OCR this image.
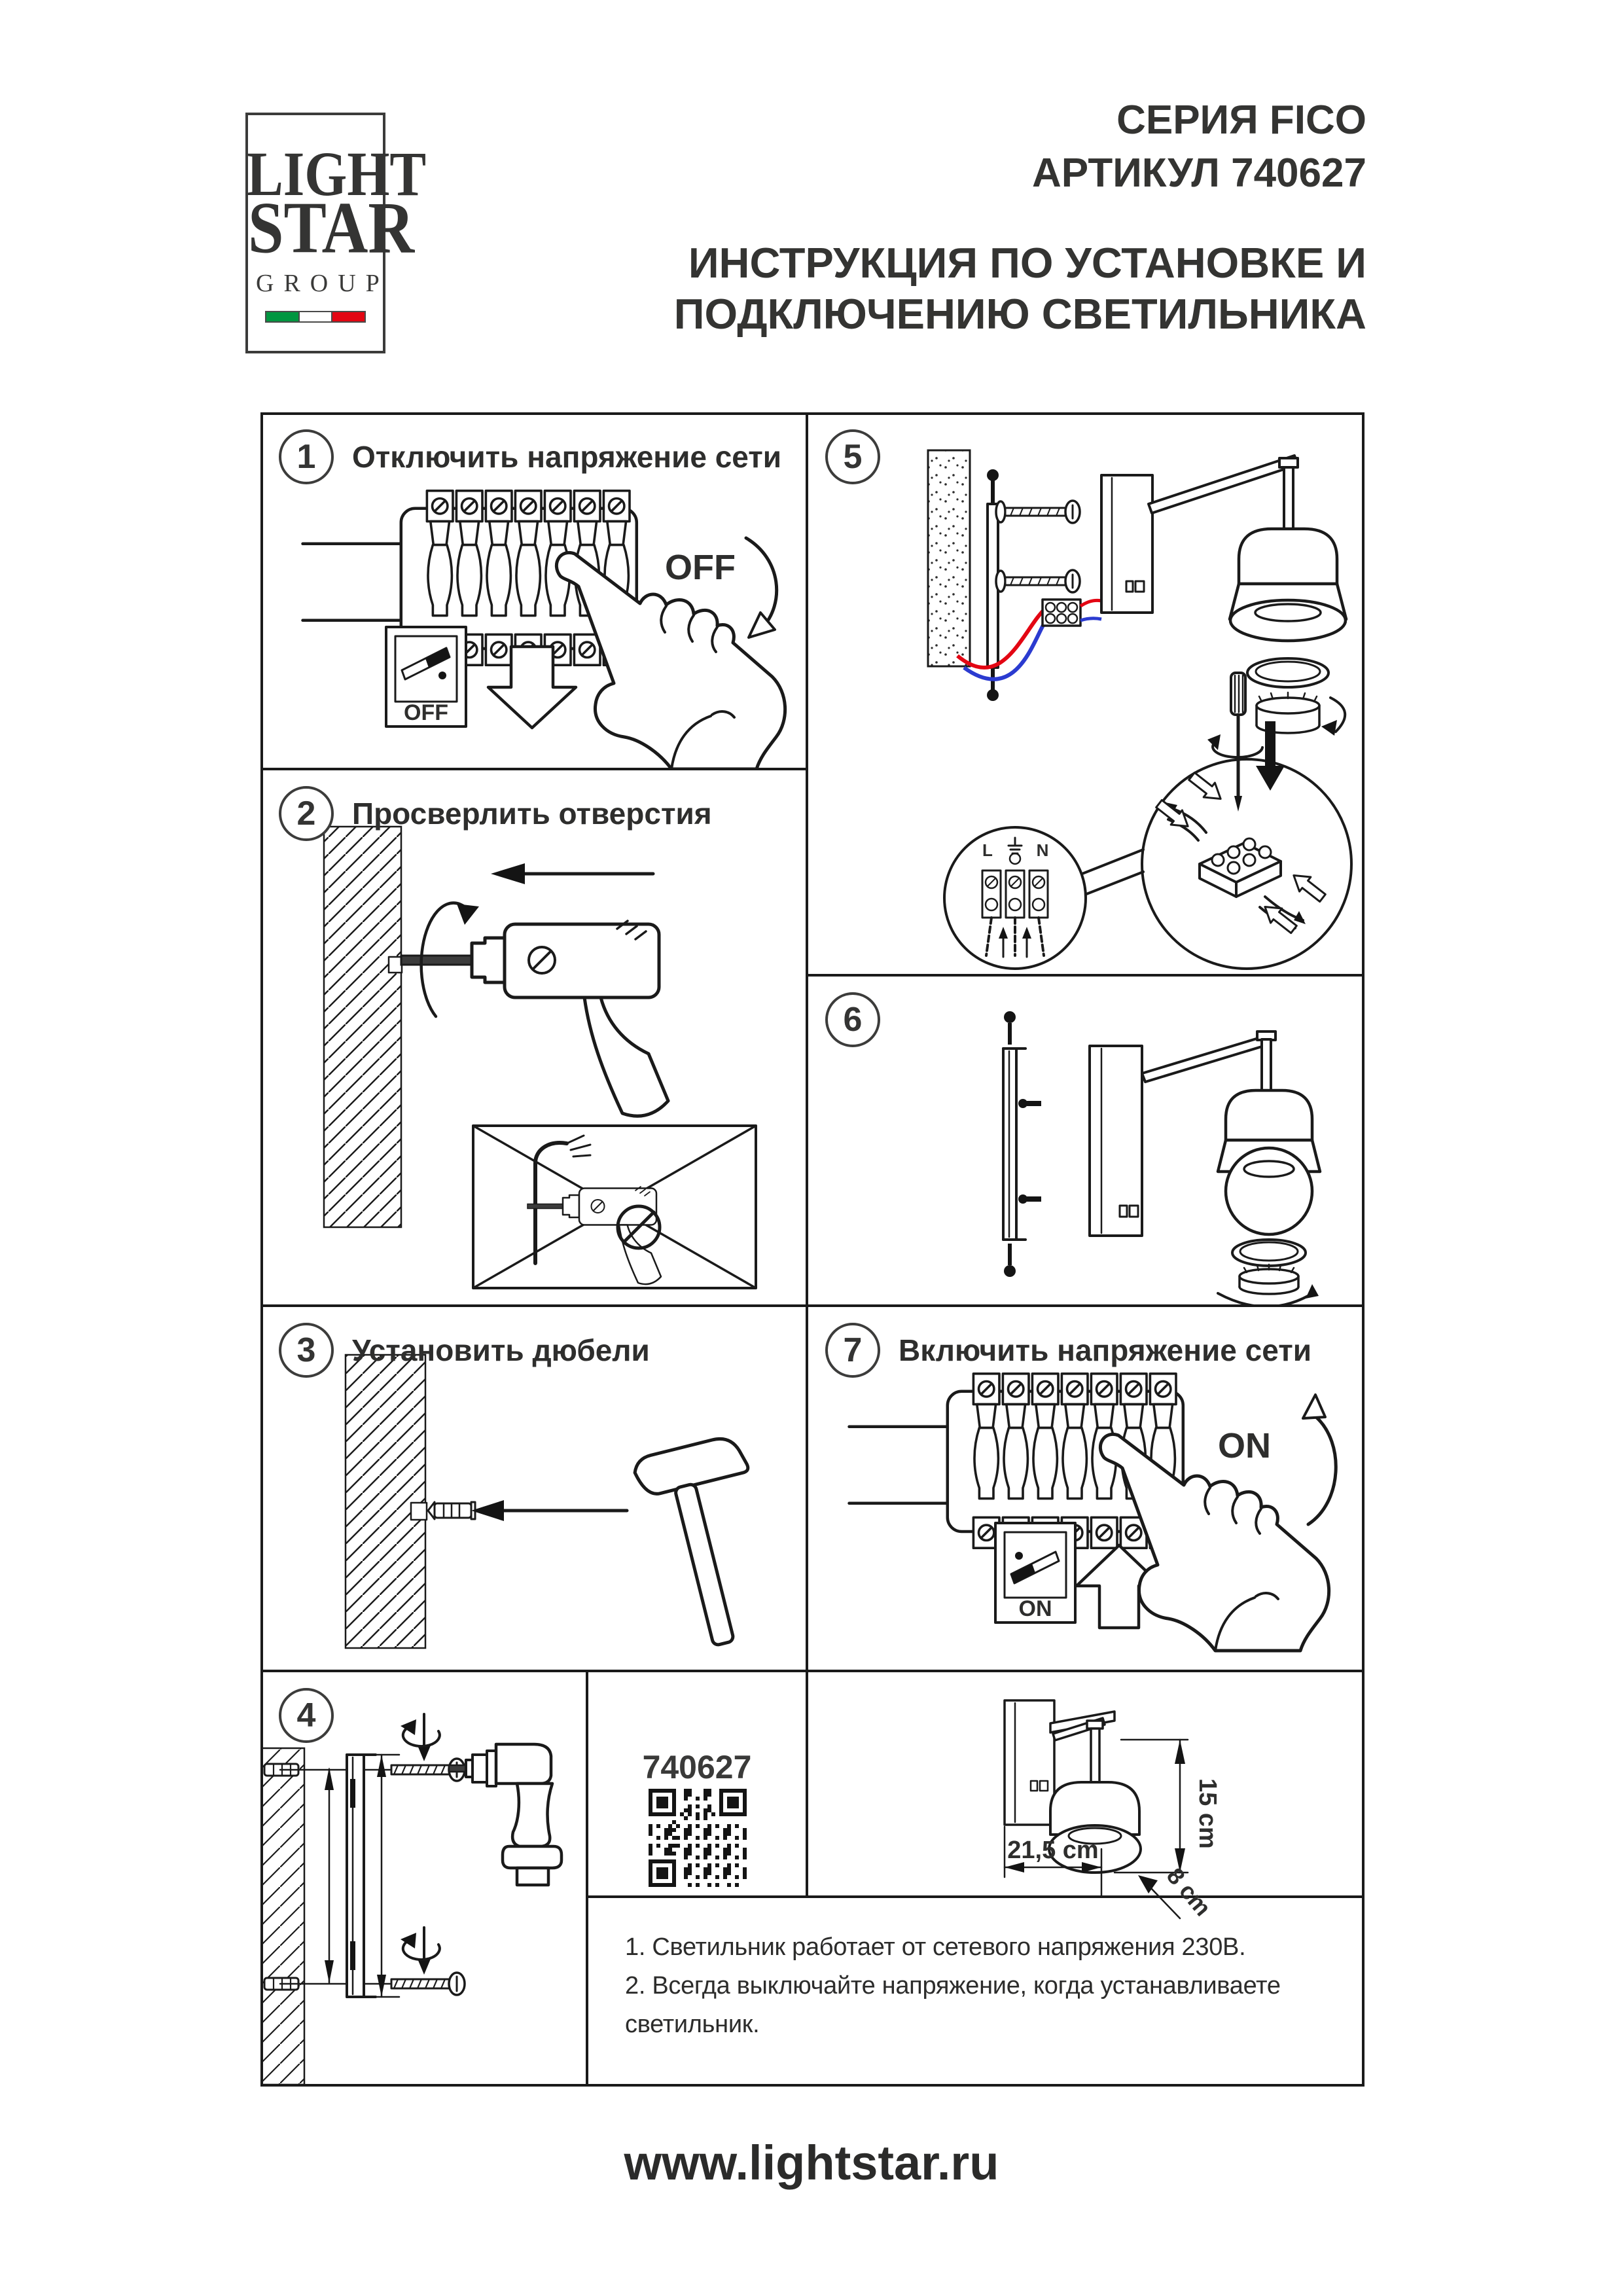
LIGHT
STAR
GROUP
СЕРИЯ FICO
АРТИКУЛ 740627
ИНСТРУКЦИЯ ПО УСТАНОВКЕ И
ПОДКЛЮЧЕНИЮ СВЕТИЛЬНИКА
1	Отключить напряжение сети
OFF
OFF
2	Просверлить отверстия
3	Установить дюбели
4
5
L	N
6
7	Включить напряжение сети
ON
ON
740627
15 cm
21,5 cm
8 cm
1. Светильник работает от сетевого напряжения 230В.
2. Всегда выключайте напряжение, когда устанавливаете светильник.
www.lightstar.ru
